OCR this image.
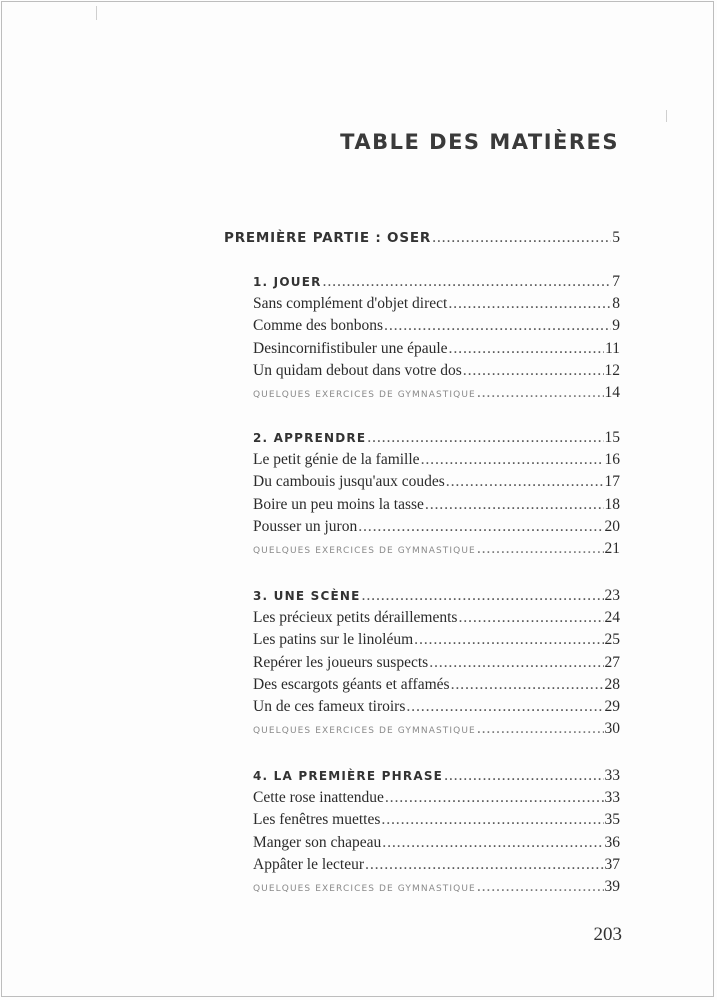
TABLE DES MATIÈRES
PREMIÈRE PARTIE : OSER . . .	5
1. JOUER . . .	7
Sans complément d'objet direct . . .	8
Comme des bonbons . . .	9
Desincornifistibuler une épaule . . .	11
Un quidam debout dans votre dos . . .	12
QUELQUES EXERCICES DE GYMNASTIQUE . . .	14
2. APPRENDRE . . .	15
Le petit génie de la famille . . .	16
Du cambouis jusqu'aux coudes . . .	17
Boire un peu moins la tasse . . .	18
Pousser un juron . . .	20
QUELQUES EXERCICES DE GYMNASTIQUE . . .	21
3. UNE SCÈNE . . .	23
Les précieux petits déraillements . . .	24
Les patins sur le linoléum . . .	25
Repérer les joueurs suspects . . .	27
Des escargots géants et affamés . . .	28
Un de ces fameux tiroirs . . .	29
QUELQUES EXERCICES DE GYMNASTIQUE . . .	30
4. LA PREMIÈRE PHRASE . . .	33
Cette rose inattendue . . .	33
Les fenêtres muettes . . .	35
Manger son chapeau . . .	36
Appâter le lecteur . . .	37
QUELQUES EXERCICES DE GYMNASTIQUE . . .	39
203
